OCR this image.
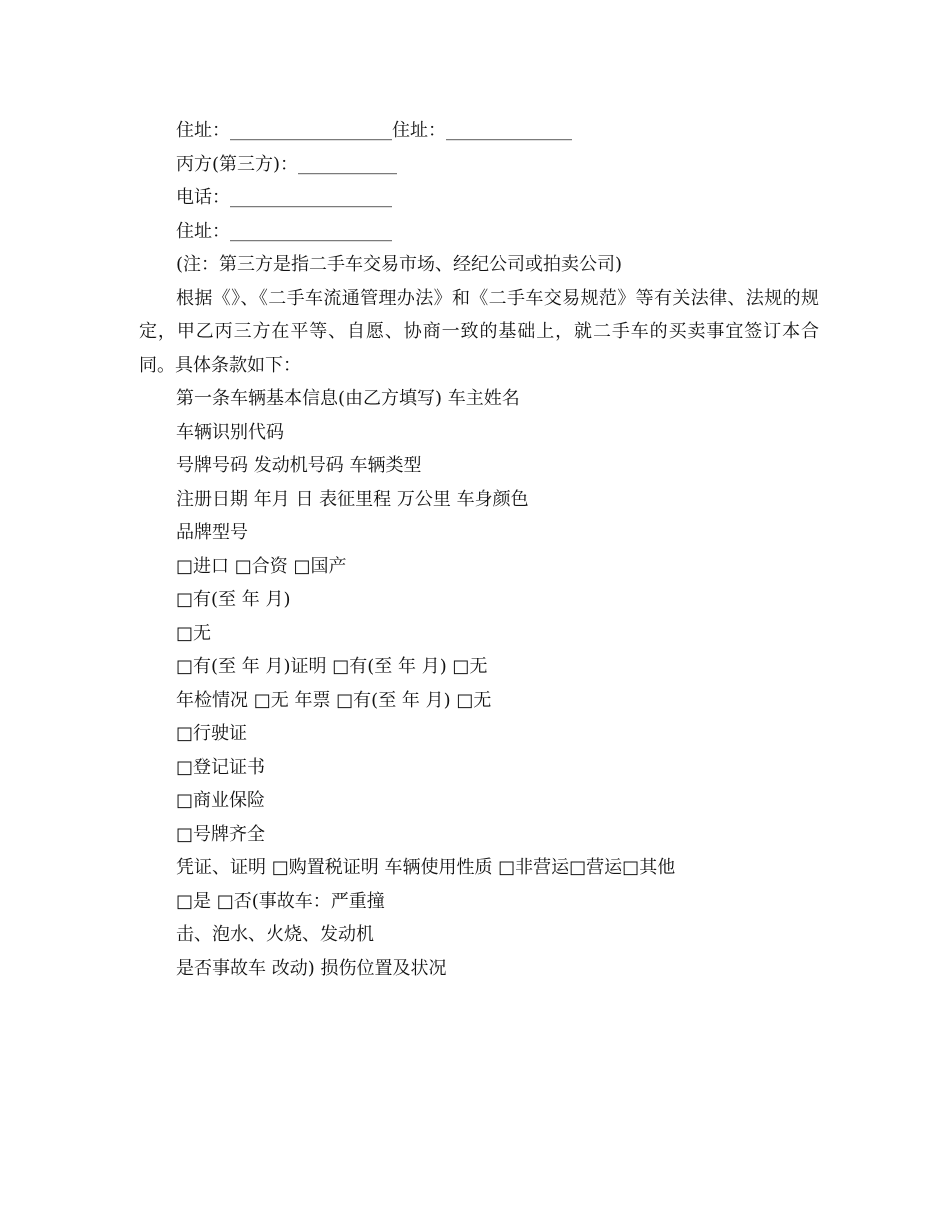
住址：__________________住址：______________
丙方(第三方)：___________
电话：__________________
住址：__________________
(注：第三方是指二手车交易市场、经纪公司或拍卖公司)
根据《》、《二手车流通管理办法》和《二手车交易规范》等有关法律、法规的规定，甲乙丙三方在平等、自愿、协商一致的基础上，就二手车的买卖事宜签订本合同。具体条款如下：
第一条车辆基本信息(由乙方填写) 车主姓名
车辆识别代码
号牌号码 发动机号码 车辆类型
注册日期 年月 日 表征里程 万公里 车身颜色
品牌型号
□进口 □合资 □国产
□有(至 年 月)
□无
□有(至 年 月)证明 □有(至 年 月) □无
年检情况 □无 年票 □有(至 年 月) □无
□行驶证
□登记证书
□商业保险
□号牌齐全
凭证、证明 □购置税证明 车辆使用性质 □非营运□营运□其他
□是 □否(事故车：严重撞
击、泡水、火烧、发动机
是否事故车 改动) 损伤位置及状况
